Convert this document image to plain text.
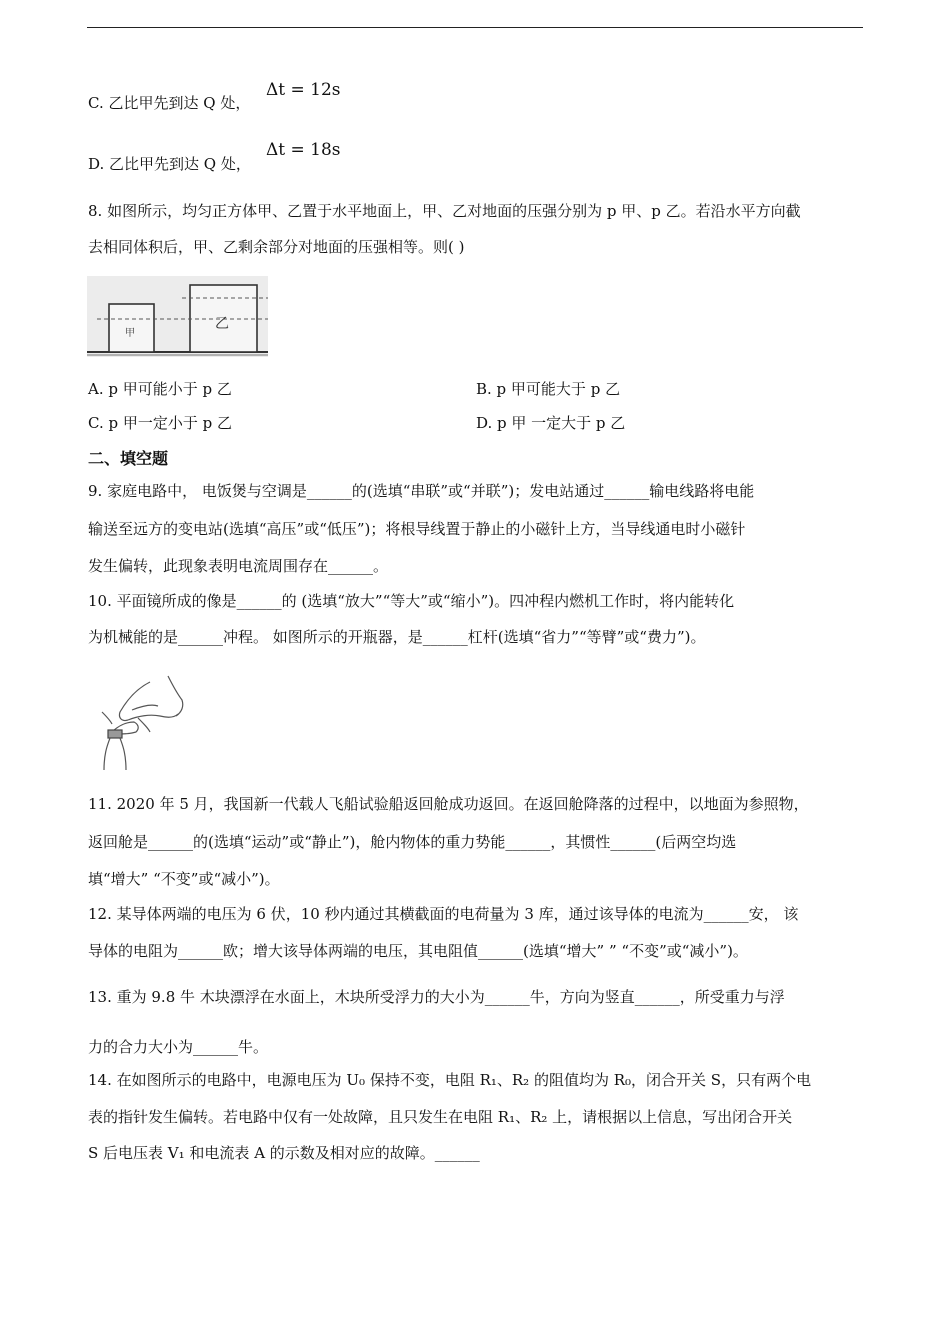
C. 乙比甲先到达 Q 处，
Δt = 12s
D. 乙比甲先到达 Q 处，
Δt = 18s
8. 如图所示，均匀正方体甲、乙置于水平地面上，甲、乙对地面的压强分别为 p 甲、p 乙。若沿水平方向截
去相同体积后，甲、乙剩余部分对地面的压强相等。则( )
甲
乙
A. p 甲可能小于 p 乙	B. p 甲可能大于 p 乙
C. p 甲一定小于 p 乙	D. p 甲 一定大于 p 乙
二、填空题
9. 家庭电路中， 电饭煲与空调是______的(选填“串联”或“并联”)；发电站通过______输电线路将电能
输送至远方的变电站(选填“高压”或“低压”)；将根导线置于静止的小磁针上方，当导线通电时小磁针
发生偏转，此现象表明电流周围存在______。
10. 平面镜所成的像是______的 (选填“放大”“等大”或“缩小”)。四冲程内燃机工作时，将内能转化
为机械能的是______冲程。 如图所示的开瓶器，是______杠杆(选填“省力”“等臂”或“费力”)。
11. 2020 年 5 月，我国新一代载人飞船试验船返回舱成功返回。在返回舱降落的过程中，以地面为参照物，
返回舱是______的(选填“运动”或“静止”)，舱内物体的重力势能______，其惯性______(后两空均选
填“增大” “不变”或“减小”)。
12. 某导体两端的电压为 6 伏，10 秒内通过其横截面的电荷量为 3 库，通过该导体的电流为______安， 该
导体的电阻为______欧；增大该导体两端的电压，其电阻值______(选填“增大” ” “不变”或“减小”)。
13. 重为 9.8 牛 木块漂浮在水面上，木块所受浮力的大小为______牛，方向为竖直______，所受重力与浮
力的合力大小为______牛。
14. 在如图所示的电路中，电源电压为 U₀ 保持不变，电阻 R₁、R₂ 的阻值均为 R₀，闭合开关 S，只有两个电
表的指针发生偏转。若电路中仅有一处故障，且只发生在电阻 R₁、R₂ 上，请根据以上信息，写出闭合开关
S 后电压表 V₁ 和电流表 A 的示数及相对应的故障。______
